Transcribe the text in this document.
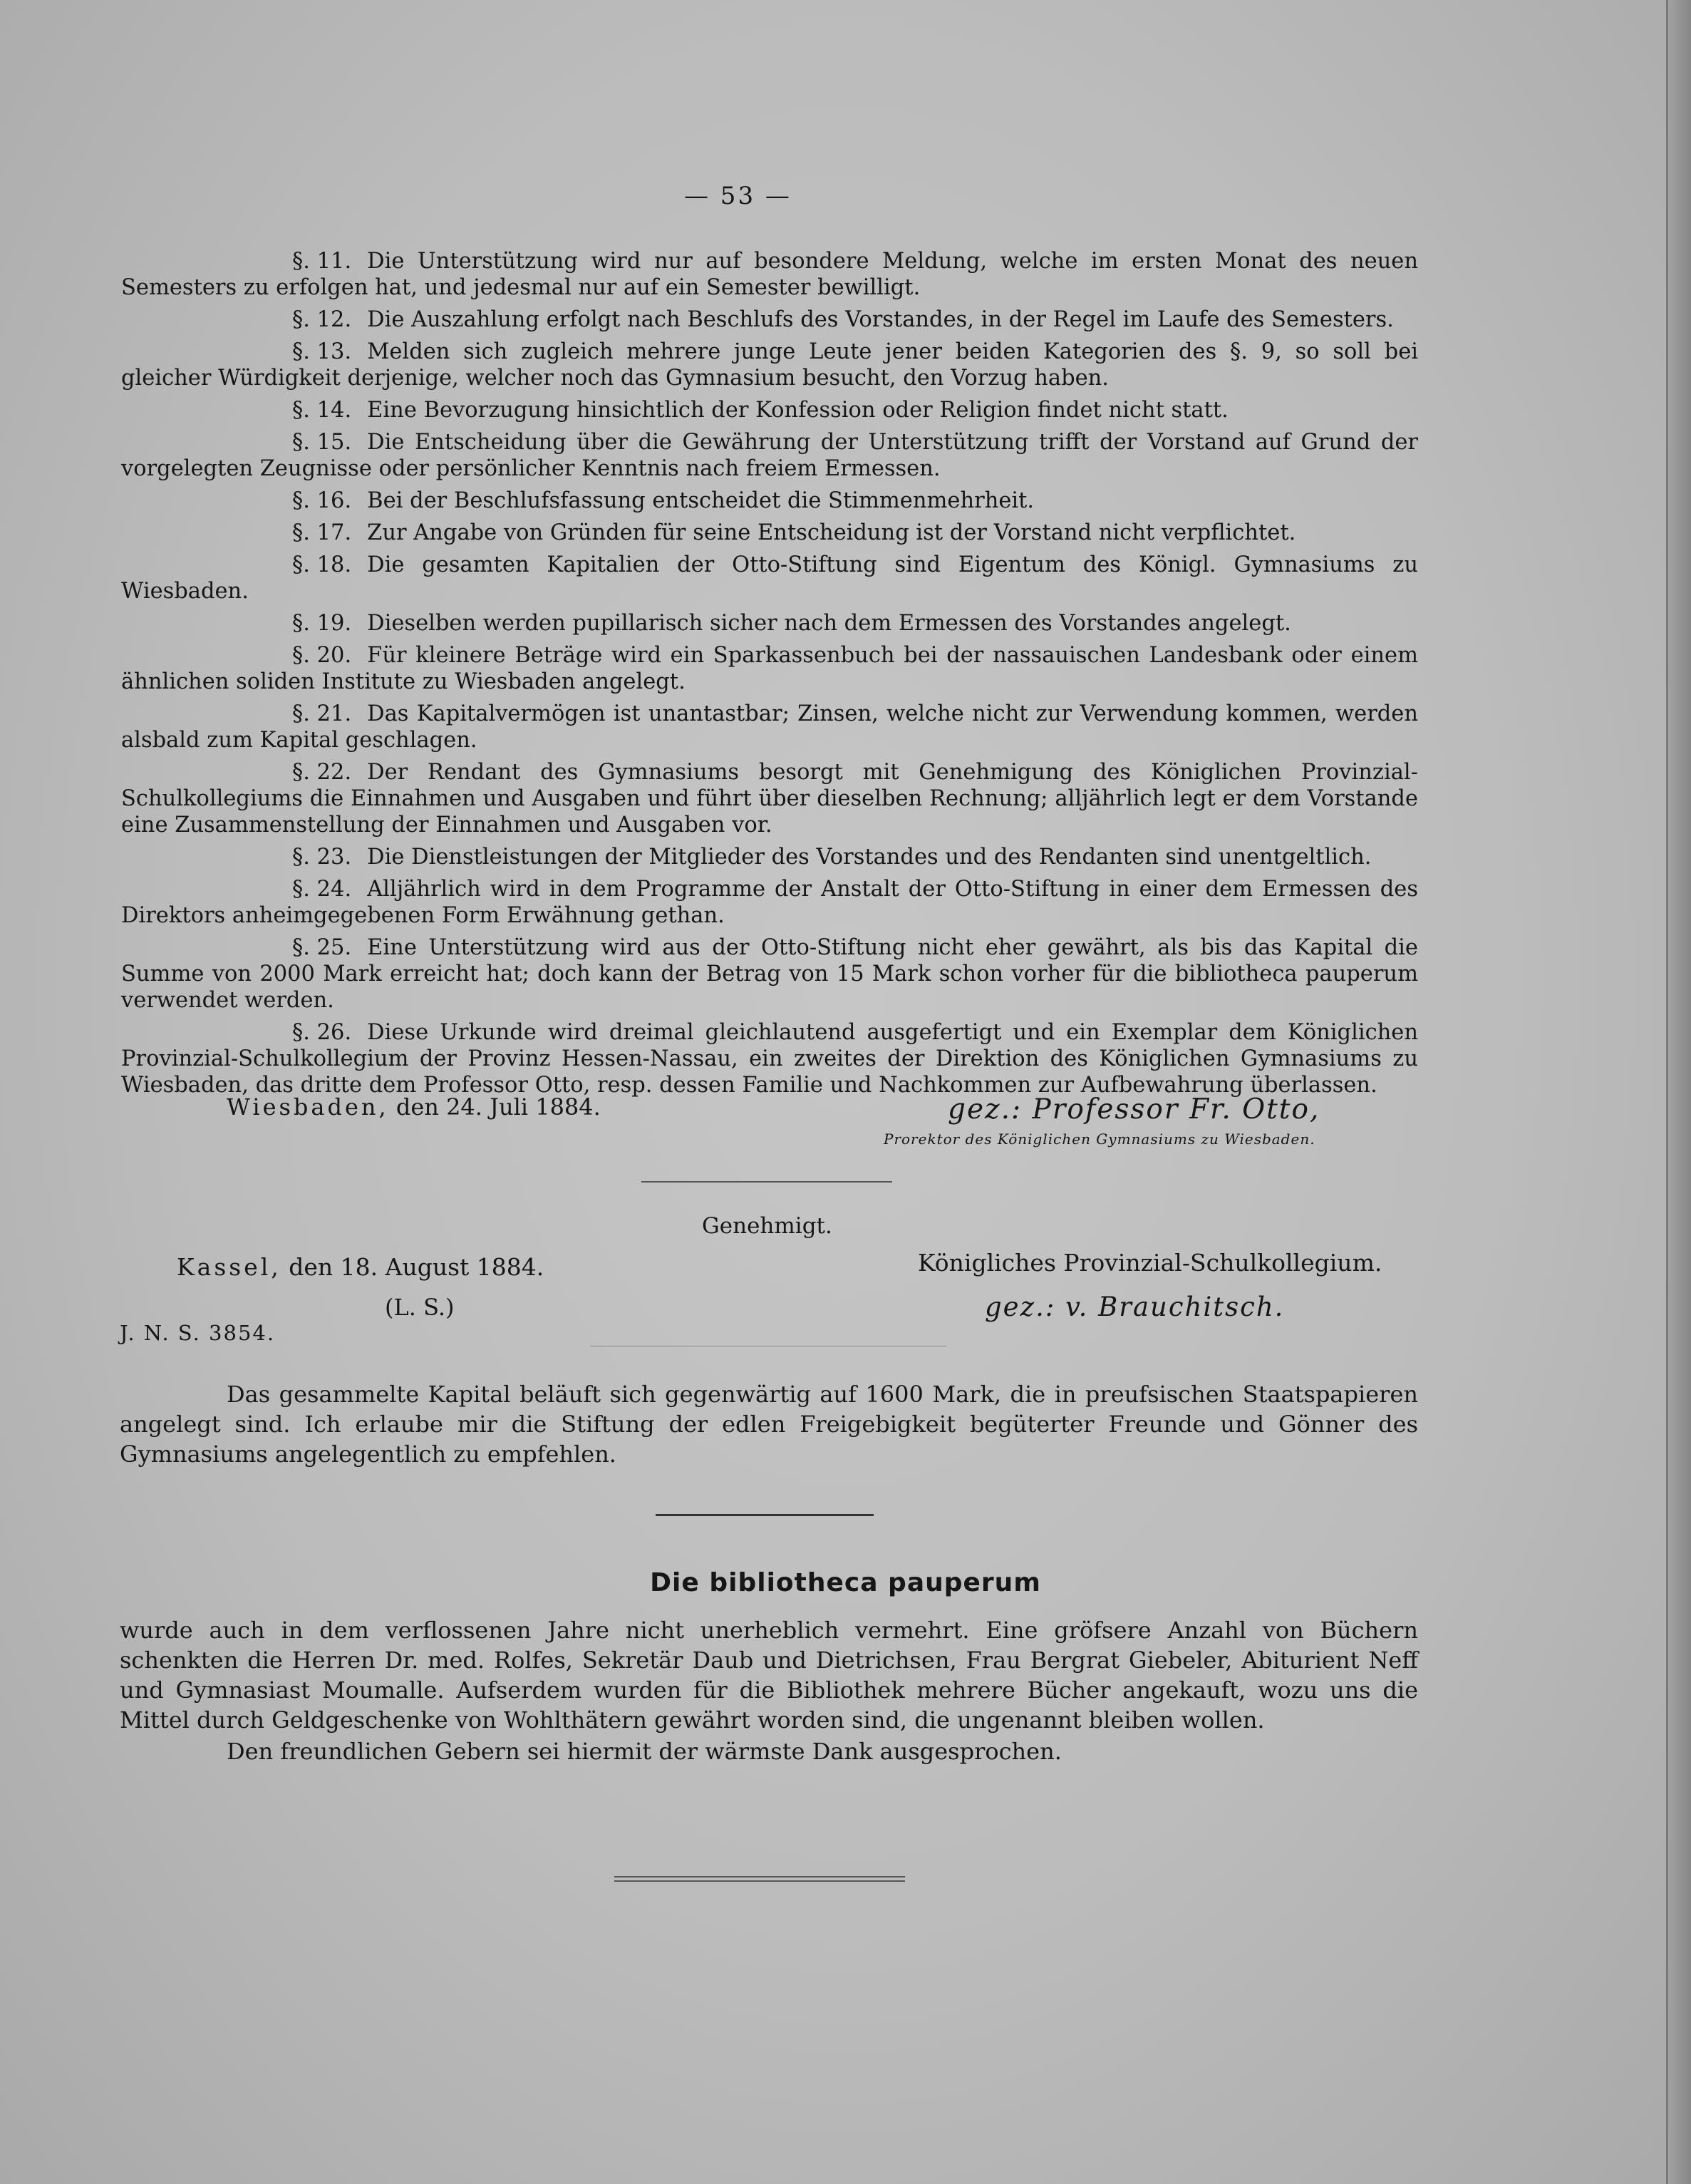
— 53 —

§. 11. Die Unterstützung wird nur auf besondere Meldung, welche im ersten Monat des neuen Semesters zu erfolgen hat, und jedesmal nur auf ein Semester bewilligt.

§. 12. Die Auszahlung erfolgt nach Beschlufs des Vorstandes, in der Regel im Laufe des Semesters.

§. 13. Melden sich zugleich mehrere junge Leute jener beiden Kategorien des §. 9, so soll bei gleicher Würdigkeit derjenige, welcher noch das Gymnasium besucht, den Vorzug haben.

§. 14. Eine Bevorzugung hinsichtlich der Konfession oder Religion findet nicht statt.

§. 15. Die Entscheidung über die Gewährung der Unterstützung trifft der Vorstand auf Grund der vorgelegten Zeugnisse oder persönlicher Kenntnis nach freiem Ermessen.

§. 16. Bei der Beschlufsfassung entscheidet die Stimmenmehrheit.

§. 17. Zur Angabe von Gründen für seine Entscheidung ist der Vorstand nicht verpflichtet.

§. 18. Die gesamten Kapitalien der Otto-Stiftung sind Eigentum des Königl. Gymnasiums zu Wiesbaden.

§. 19. Dieselben werden pupillarisch sicher nach dem Ermessen des Vorstandes angelegt.

§. 20. Für kleinere Beträge wird ein Sparkassenbuch bei der nassauischen Landesbank oder einem ähnlichen soliden Institute zu Wiesbaden angelegt.

§. 21. Das Kapitalvermögen ist unantastbar; Zinsen, welche nicht zur Verwendung kommen, werden alsbald zum Kapital geschlagen.

§. 22. Der Rendant des Gymnasiums besorgt mit Genehmigung des Königlichen Provinzial-Schulkollegiums die Einnahmen und Ausgaben und führt über dieselben Rechnung; alljährlich legt er dem Vorstande eine Zusammenstellung der Einnahmen und Ausgaben vor.

§. 23. Die Dienstleistungen der Mitglieder des Vorstandes und des Rendanten sind unentgeltlich.

§. 24. Alljährlich wird in dem Programme der Anstalt der Otto-Stiftung in einer dem Ermessen des Direktors anheimgegebenen Form Erwähnung gethan.

§. 25. Eine Unterstützung wird aus der Otto-Stiftung nicht eher gewährt, als bis das Kapital die Summe von 2000 Mark erreicht hat; doch kann der Betrag von 15 Mark schon vorher für die bibliotheca pauperum verwendet werden.

§. 26. Diese Urkunde wird dreimal gleichlautend ausgefertigt und ein Exemplar dem Königlichen Provinzial-Schulkollegium der Provinz Hessen-Nassau, ein zweites der Direktion des Königlichen Gymnasiums zu Wiesbaden, das dritte dem Professor Otto, resp. dessen Familie und Nachkommen zur Aufbewahrung überlassen.

Wiesbaden, den 24. Juli 1884.	gez.: Professor Fr. Otto,
Prorektor des Königlichen Gymnasiums zu Wiesbaden.
Genehmigt.
Kassel, den 18. August 1884.	Königliches Provinzial-Schulkollegium.
(L. S.)	gez.: v. Brauchitsch.
J. N. S. 3854.

Das gesammelte Kapital beläuft sich gegenwärtig auf 1600 Mark, die in preufsischen Staatspapieren angelegt sind. Ich erlaube mir die Stiftung der edlen Freigebigkeit begüterter Freunde und Gönner des Gymnasiums angelegentlich zu empfehlen.

Die bibliotheca pauperum

wurde auch in dem verflossenen Jahre nicht unerheblich vermehrt. Eine gröfsere Anzahl von Büchern schenkten die Herren Dr. med. Rolfes, Sekretär Daub und Dietrichsen, Frau Bergrat Giebeler, Abiturient Neff und Gymnasiast Moumalle. Aufserdem wurden für die Bibliothek mehrere Bücher angekauft, wozu uns die Mittel durch Geldgeschenke von Wohlthätern gewährt worden sind, die ungenannt bleiben wollen.

Den freundlichen Gebern sei hiermit der wärmste Dank ausgesprochen.
